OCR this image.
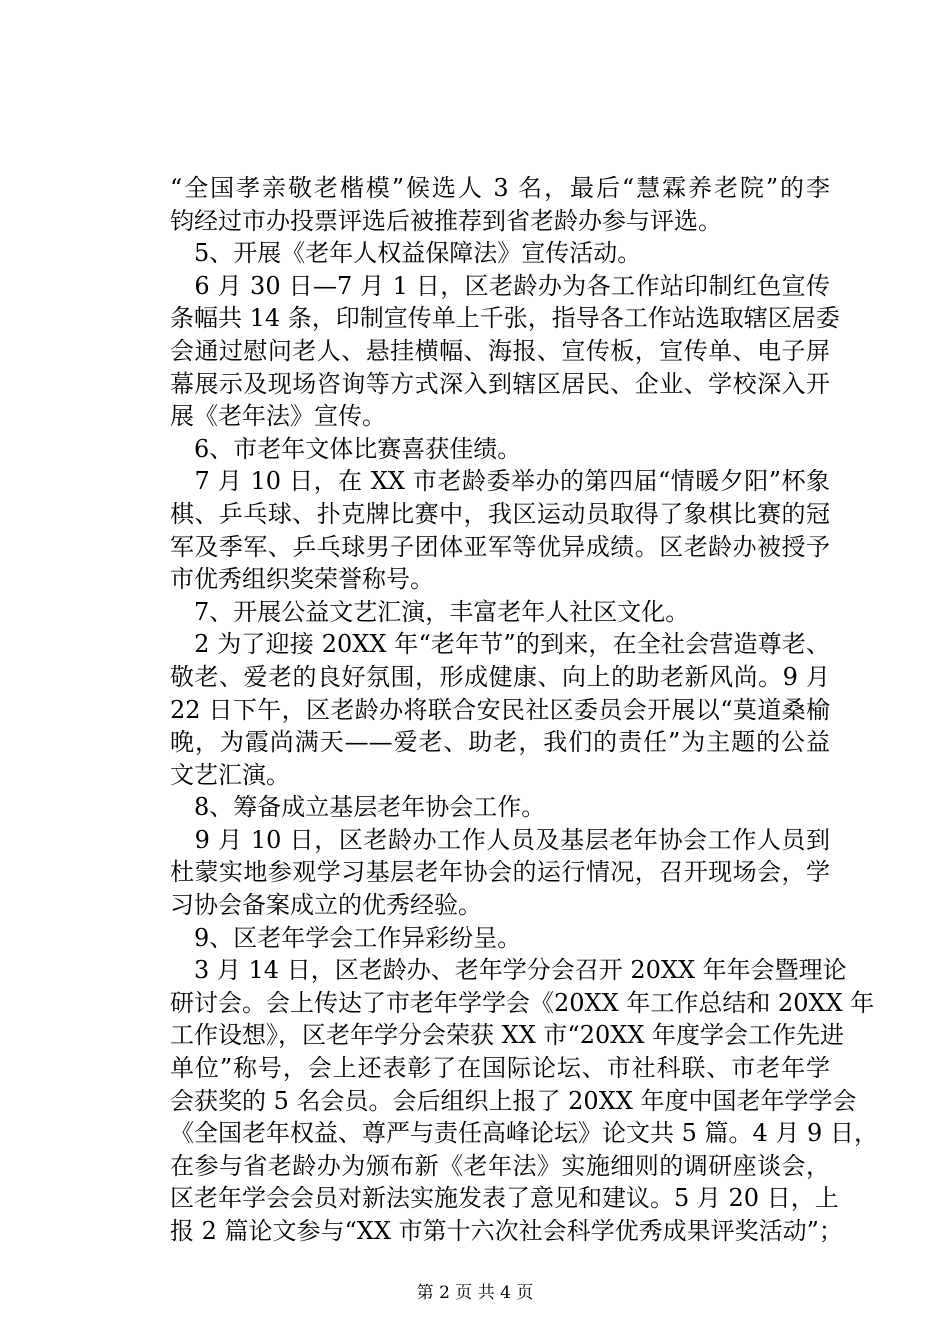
“全国孝亲敬老楷模”候选人 3 名，最后“慧霖养老院”的李
钧经过市办投票评选后被推荐到省老龄办参与评选。
　5、开展《老年人权益保障法》宣传活动。
　6 月 30 日—7 月 1 日，区老龄办为各工作站印制红色宣传
条幅共 14 条，印制宣传单上千张，指导各工作站选取辖区居委
会通过慰问老人、悬挂横幅、海报、宣传板，宣传单、电子屏
幕展示及现场咨询等方式深入到辖区居民、企业、学校深入开
展《老年法》宣传。
　6、市老年文体比赛喜获佳绩。
　7 月 10 日，在 XX 市老龄委举办的第四届“情暖夕阳”杯象
棋、乒乓球、扑克牌比赛中，我区运动员取得了象棋比赛的冠
军及季军、乒乓球男子团体亚军等优异成绩。区老龄办被授予
市优秀组织奖荣誉称号。
　7、开展公益文艺汇演，丰富老年人社区文化。
　2 为了迎接 20XX 年“老年节”的到来，在全社会营造尊老、
敬老、爱老的良好氛围，形成健康、向上的助老新风尚。9 月
22 日下午，区老龄办将联合安民社区委员会开展以“莫道桑榆
晚，为霞尚满天——爱老、助老，我们的责任”为主题的公益
文艺汇演。
　8、筹备成立基层老年协会工作。
　9 月 10 日，区老龄办工作人员及基层老年协会工作人员到
杜蒙实地参观学习基层老年协会的运行情况，召开现场会，学
习协会备案成立的优秀经验。
　9、区老年学会工作异彩纷呈。
　3 月 14 日，区老龄办、老年学分会召开 20XX 年年会暨理论
研讨会。会上传达了市老年学学会《20XX 年工作总结和 20XX 年
工作设想》，区老年学分会荣获 XX 市“20XX 年度学会工作先进
单位”称号，会上还表彰了在国际论坛、市社科联、市老年学
会获奖的 5 名会员。会后组织上报了 20XX 年度中国老年学学会
《全国老年权益、尊严与责任高峰论坛》论文共 5 篇。4 月 9 日，
在参与省老龄办为颁布新《老年法》实施细则的调研座谈会，
区老年学会会员对新法实施发表了意见和建议。5 月 20 日，上
报 2 篇论文参与“XX 市第十六次社会科学优秀成果评奖活动”；
第 2 页 共 4 页
